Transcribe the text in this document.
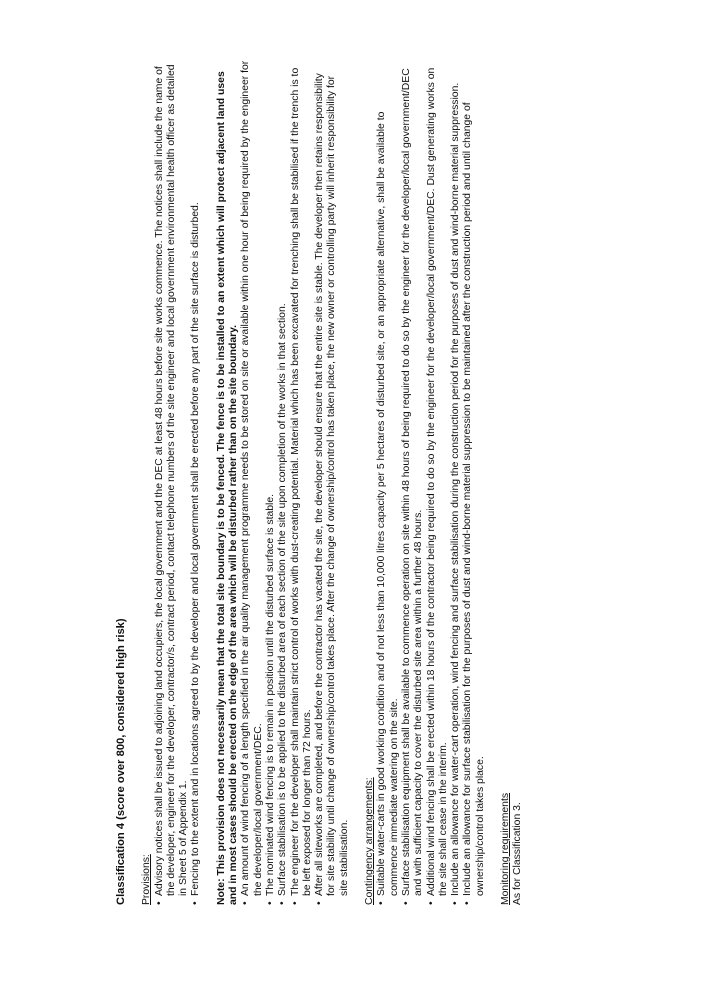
Classification 4 (score over 800, considered high risk) Provisions: • Advisory notices shall be issued to adjoining land occupiers, the local government and the DEC at least 48 hours before site works commence. The notices shall include the name of the developer, engineer for the developer, contractor/s, contract period, contact telephone numbers of the site engineer and local government environmental health officer as detailed in Sheet 5 of Appendix 1. • Fencing to the extent and in locations agreed to by the developer and local government shall be erected before any part of the site surface is disturbed. Note: This provision does not necessarily mean that the total site boundary is to be fenced. The fence is to be installed to an extent which will protect adjacent land uses and in most cases should be erected on the edge of the area which will be disturbed rather than on the site boundary. • An amount of wind fencing of a length specified in the air quality management programme needs to be stored on site or available within one hour of being required by the engineer for the developer/local government/DEC. • The nominated wind fencing is to remain in position until the disturbed surface is stable. • Surface stabilisation is to be applied to the disturbed area of each section of the site upon completion of the works in that section. • The engineer for the developer shall maintain strict control of works with dust-creating potential. Material which has been excavated for trenching shall be stabilised if the trench is to be left exposed for longer than 72 hours. • After all siteworks are completed, and before the contractor has vacated the site, the developer should ensure that the entire site is stable. The developer then retains responsibility for site stability until change of ownership/control takes place. After the change of ownership/control has taken place, the new owner or controlling party will inherit responsibility for site stabilisation. Contingency arrangements: • Suitable water-carts in good working condition and of not less than 10,000 litres capacity per 5 hectares of disturbed site, or an appropriate alternative, shall be available to commence immediate watering on the site. • Surface stabilisation equipment shall be available to commence operation on site within 48 hours of being required to do so by the engineer for the developer/local government/DEC and with sufficient capacity to cover the disturbed site area within a further 48 hours. • Additional wind fencing shall be erected within 18 hours of the contractor being required to do so by the engineer for the developer/local government/DEC. Dust generating works on the site shall cease in the interim. • Include an allowance for water-cart operation, wind fencing and surface stabilisation during the construction period for the purposes of dust and wind-borne material suppression. • Include an allowance for surface stabilisation for the purposes of dust and wind-borne material suppression to be maintained after the construction period and until change of ownership/control takes place. Monitoring requirements As for Classification 3.
